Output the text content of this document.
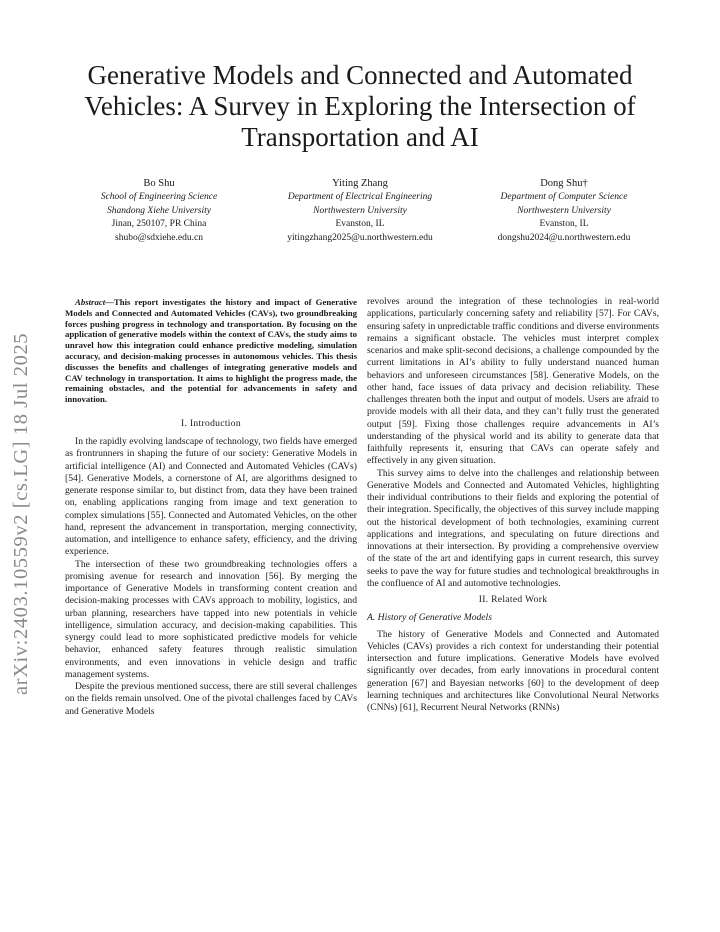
arXiv:2403.10559v2 [cs.LG] 18 Jul 2025
Generative Models and Connected and Automated
Vehicles: A Survey in Exploring the Intersection of
Transportation and AI
Bo Shu
School of Engineering Science
Shandong Xiehe University
Jinan, 250107, PR China
shubo@sdxiehe.edu.cn
Yiting Zhang
Department of Electrical Engineering
Northwestern University
Evanston, IL
yitingzhang2025@u.northwestern.edu
Dong Shu†
Department of Computer Science
Northwestern University
Evanston, IL
dongshu2024@u.northwestern.edu

Abstract—This report investigates the history and impact of Generative Models and Connected and Automated Vehicles (CAVs), two groundbreaking forces pushing progress in technology and transportation. By focusing on the application of generative models within the context of CAVs, the study aims to unravel how this integration could enhance predictive modeling, simulation accuracy, and decision-making processes in autonomous vehicles. This thesis discusses the benefits and challenges of integrating generative models and CAV technology in transportation. It aims to highlight the progress made, the remaining obstacles, and the potential for advancements in safety and innovation.

I. Introduction

In the rapidly evolving landscape of technology, two fields have emerged as frontrunners in shaping the future of our society: Generative Models in artificial intelligence (AI) and Connected and Automated Vehicles (CAVs) [54]. Generative Models, a cornerstone of AI, are algorithms designed to generate response similar to, but distinct from, data they have been trained on, enabling applications ranging from image and text generation to complex simulations [55]. Connected and Automated Vehicles, on the other hand, represent the advancement in transportation, merging connectivity, automation, and intelligence to enhance safety, efficiency, and the driving experience.

The intersection of these two groundbreaking technologies offers a promising avenue for research and innovation [56]. By merging the importance of Generative Models in transforming content creation and decision-making processes with CAVs approach to mobility, logistics, and urban planning, researchers have tapped into new potentials in vehicle intelligence, simulation accuracy, and decision-making capabilities. This synergy could lead to more sophisticated predictive models for vehicle behavior, enhanced safety features through realistic simulation environments, and even innovations in vehicle design and traffic management systems.

Despite the previous mentioned success, there are still several challenges on the fields remain unsolved. One of the pivotal challenges faced by CAVs and Generative Models

revolves around the integration of these technologies in real-world applications, particularly concerning safety and reliability [57]. For CAVs, ensuring safety in unpredictable traffic conditions and diverse environments remains a significant obstacle. The vehicles must interpret complex scenarios and make split-second decisions, a challenge compounded by the current limitations in AI’s ability to fully understand nuanced human behaviors and unforeseen circumstances [58]. Generative Models, on the other hand, face issues of data privacy and decision reliability. These challenges threaten both the input and output of models. Users are afraid to provide models with all their data, and they can’t fully trust the generated output [59]. Fixing those challenges require advancements in AI’s understanding of the physical world and its ability to generate data that faithfully represents it, ensuring that CAVs can operate safely and effectively in any given situation.

This survey aims to delve into the challenges and relationship between Generative Models and Connected and Automated Vehicles, highlighting their individual contributions to their fields and exploring the potential of their integration. Specifically, the objectives of this survey include mapping out the historical development of both technologies, examining current applications and integrations, and speculating on future directions and innovations at their intersection. By providing a comprehensive overview of the state of the art and identifying gaps in current research, this survey seeks to pave the way for future studies and technological breakthroughs in the confluence of AI and automotive technologies.

II. Related Work
A. History of Generative Models

The history of Generative Models and Connected and Automated Vehicles (CAVs) provides a rich context for understanding their potential intersection and future implications. Generative Models have evolved significantly over decades, from early innovations in procedural content generation [67] and Bayesian networks [60] to the development of deep learning techniques and architectures like Convolutional Neural Networks (CNNs) [61], Recurrent Neural Networks (RNNs)
